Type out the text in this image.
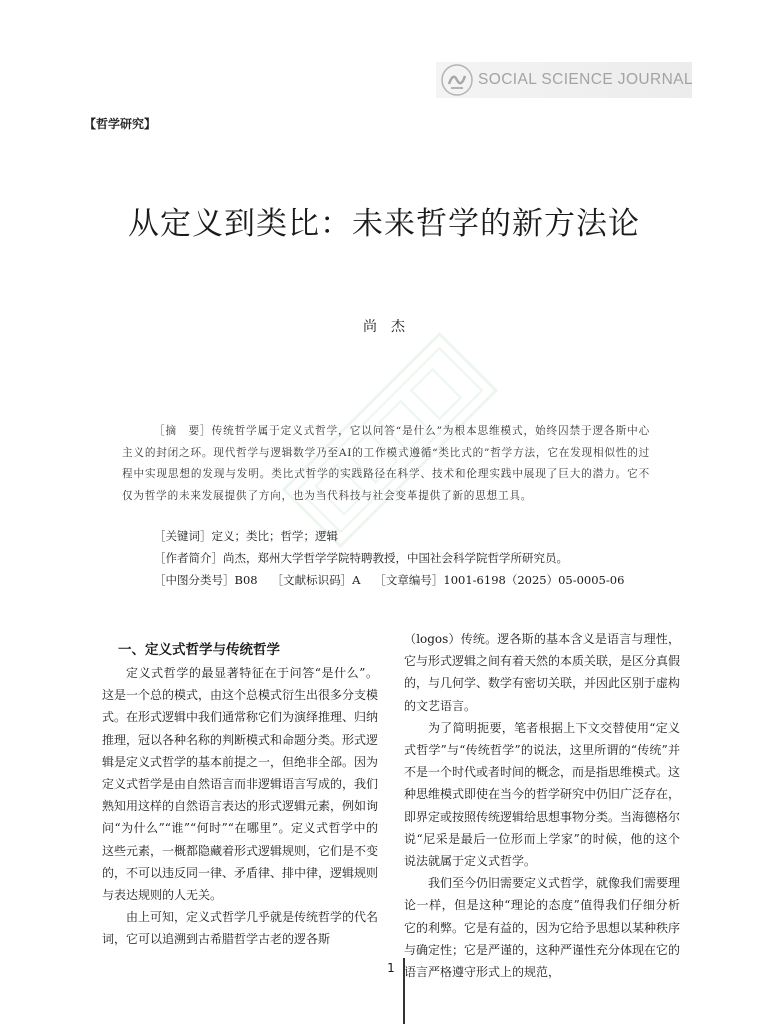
SOCIAL SCIENCE JOURNAL
【哲学研究】
从定义到类比：未来哲学的新方法论
尚杰
［摘　要］传统哲学属于定义式哲学，它以问答“是什么”为根本思维模式，始终囚禁于逻各斯中心主义的封闭之环。现代哲学与逻辑数学乃至AI的工作模式遵循“类比式的”哲学方法，它在发现相似性的过程中实现思想的发现与发明。类比式哲学的实践路径在科学、技术和伦理实践中展现了巨大的潜力。它不仅为哲学的未来发展提供了方向，也为当代科技与社会变革提供了新的思想工具。
［关键词］定义；类比；哲学；逻辑
［作者简介］尚杰，郑州大学哲学学院特聘教授，中国社会科学院哲学所研究员。
［中图分类号］B08 ［文献标识码］A ［文章编号］1001-6198（2025）05-0005-06
一、定义式哲学与传统哲学

定义式哲学的最显著特征在于问答“是什么”。这是一个总的模式，由这个总模式衍生出很多分支模式。在形式逻辑中我们通常称它们为演绎推理、归纳推理，冠以各种名称的判断模式和命题分类。形式逻辑是定义式哲学的基本前提之一，但绝非全部。因为定义式哲学是由自然语言而非逻辑语言写成的，我们熟知用这样的自然语言表达的形式逻辑元素，例如询问“为什么”“谁”“何时”“在哪里”。定义式哲学中的这些元素，一概都隐藏着形式逻辑规则，它们是不变的，不可以违反同一律、矛盾律、排中律，逻辑规则与表达规则的人无关。

由上可知，定义式哲学几乎就是传统哲学的代名词，它可以追溯到古希腊哲学古老的逻各斯

（logos）传统。逻各斯的基本含义是语言与理性，它与形式逻辑之间有着天然的本质关联，是区分真假的，与几何学、数学有密切关联，并因此区别于虚构的文艺语言。

为了简明扼要，笔者根据上下文交替使用“定义式哲学”与“传统哲学”的说法，这里所谓的“传统”并不是一个时代或者时间的概念，而是指思维模式。这种思维模式即使在当今的哲学研究中仍旧广泛存在，即界定或按照传统逻辑给思想事物分类。当海德格尔说“尼采是最后一位形而上学家”的时候，他的这个说法就属于定义式哲学。

我们至今仍旧需要定义式哲学，就像我们需要理论一样，但是这种“理论的态度”值得我们仔细分析它的利弊。它是有益的，因为它给予思想以某种秩序与确定性；它是严谨的，这种严谨性充分体现在它的语言严格遵守形式上的规范，

1
